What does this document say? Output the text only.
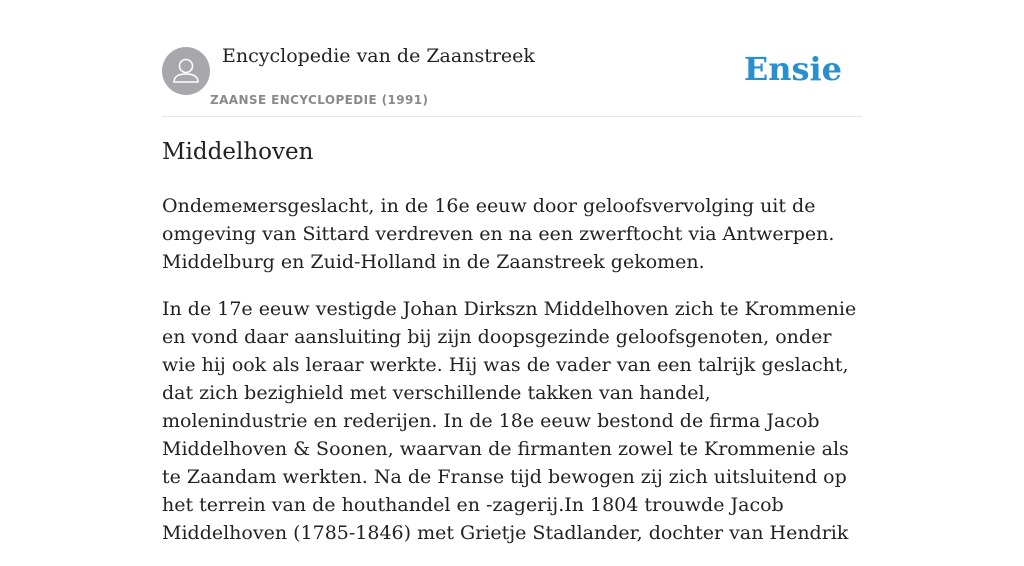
Encyclopedie van de Zaanstreek
ZAANSE ENCYCLOPEDIE (1991)
Ensie
Middelhoven

Ondemeмersgeslacht, in de 16e eeuw door geloofsvervolging uit de omgeving van Sittard verdreven en na een zwerftocht via Antwerpen. Middelburg en Zuid-Holland in de Zaanstreek gekomen.

In de 17e eeuw vestigde Johan Dirkszn Middelhoven zich te Krommenie en vond daar aansluiting bij zijn doopsgezinde geloofsgenoten, onder wie hij ook als leraar werkte. Hij was de vader van een talrijk geslacht, dat zich bezighield met verschillende takken van handel, molenindustrie en rederijen. In de 18e eeuw bestond de firma Jacob Middelhoven & Soonen, waarvan de firmanten zowel te Krommenie als te Zaandam werkten. Na de Franse tijd bewogen zij zich uitsluitend op het terrein van de houthandel en -zagerij.In 1804 trouwde Jacob Middelhoven (1785-1846) met Grietje Stadlander, dochter van Hendrik
